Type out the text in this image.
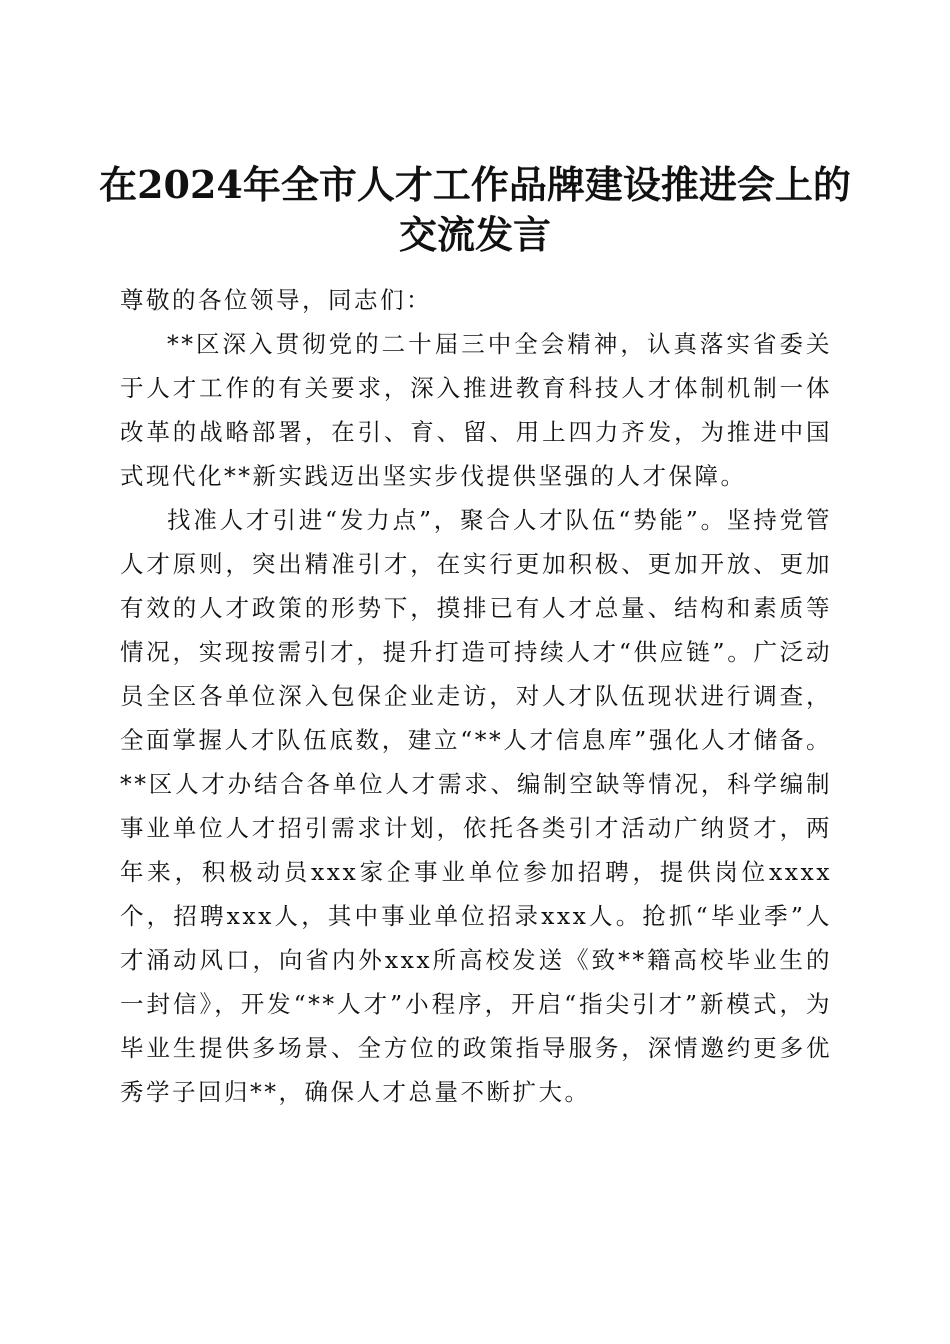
在2024年全市人才工作品牌建设推进会上的
交流发言

尊敬的各位领导，同志们：

**区深入贯彻党的二十届三中全会精神，认真落实省委关于人才工作的有关要求，深入推进教育科技人才体制机制一体改革的战略部署，在引、育、留、用上四力齐发，为推进中国式现代化**新实践迈出坚实步伐提供坚强的人才保障。

找准人才引进“发力点”，聚合人才队伍“势能”。坚持党管人才原则，突出精准引才，在实行更加积极、更加开放、更加有效的人才政策的形势下，摸排已有人才总量、结构和素质等情况，实现按需引才，提升打造可持续人才“供应链”。广泛动员全区各单位深入包保企业走访，对人才队伍现状进行调查，全面掌握人才队伍底数，建立“**人才信息库”强化人才储备。**区人才办结合各单位人才需求、编制空缺等情况，科学编制事业单位人才招引需求计划，依托各类引才活动广纳贤才，两年来，积极动员xxx家企事业单位参加招聘，提供岗位xxxx个，招聘xxx人，其中事业单位招录xxx人。抢抓“毕业季”人才涌动风口，向省内外xxx所高校发送《致**籍高校毕业生的一封信》，开发“**人才”小程序，开启“指尖引才”新模式，为毕业生提供多场景、全方位的政策指导服务，深情邀约更多优秀学子回归**，确保人才总量不断扩大。
